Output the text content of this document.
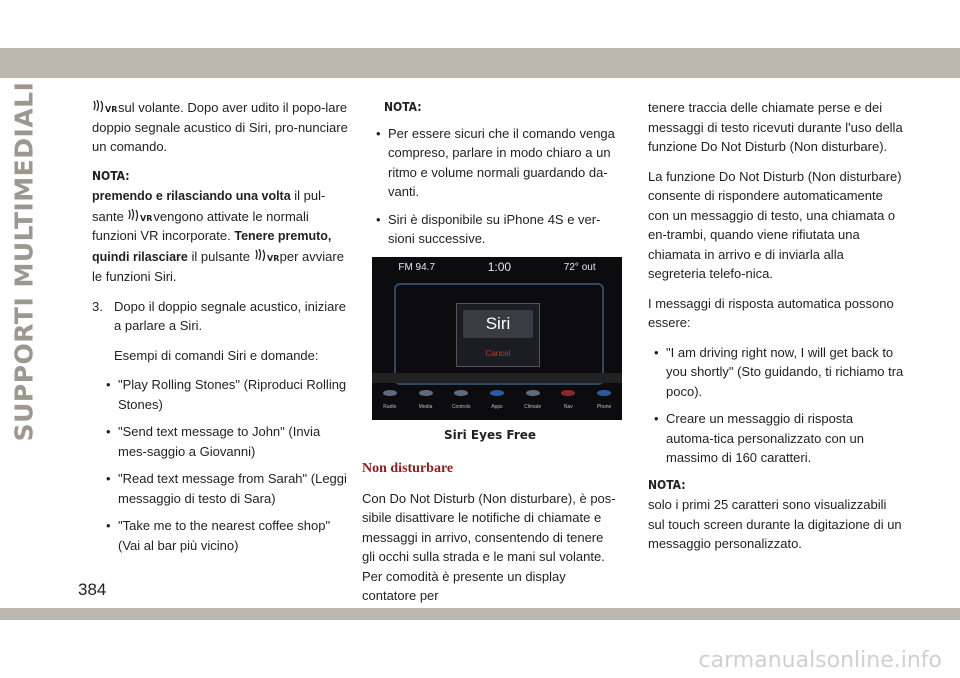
SUPPORTI MULTIMEDIALI	VR sul volante. Dopo aver udito il popo-lare doppio segnale acustico di Siri, pro-nunciare un comando.

NOTA:

premendo e rilasciando una volta il pul-sante VR vengono attivate le normali funzioni VR incorporate. Tenere premuto, quindi rilasciare il pulsante VR per avviare le funzioni Siri.

3. Dopo il doppio segnale acustico, iniziare a parlare a Siri.

Esempi di comandi Siri e domande:

• "Play Rolling Stones" (Riproduci Rolling Stones)
• "Send text message to John" (Invia mes-saggio a Giovanni)
• "Read text message from Sarah" (Leggi messaggio di testo di Sara)
• "Take me to the nearest coffee shop" (Vai al bar più vicino)
NOTA:
• Per essere sicuri che il comando venga compreso, parlare in modo chiaro a un ritmo e volume normali guardando da-vanti.
• Siri è disponibile su iPhone 4S e ver-sioni successive.
FM 94.7	1:00	72° out
Siri
Cancel
Radio	Media	Controls	Apps	Climate	Nav	Phone
Siri Eyes Free
Non disturbare

Con Do Not Disturb (Non disturbare), è pos-sibile disattivare le notifiche di chiamate e messaggi in arrivo, consentendo di tenere gli occhi sulla strada e le mani sul volante. Per comodità è presente un display contatore per

tenere traccia delle chiamate perse e dei messaggi di testo ricevuti durante l'uso della funzione Do Not Disturb (Non disturbare).

La funzione Do Not Disturb (Non disturbare) consente di rispondere automaticamente con un messaggio di testo, una chiamata o en-trambi, quando viene rifiutata una chiamata in arrivo e di inviarla alla segreteria telefo-nica.

I messaggi di risposta automatica possono essere:

• "I am driving right now, I will get back to you shortly" (Sto guidando, ti richiamo tra poco).
• Creare un messaggio di risposta automa-tica personalizzato con un massimo di 160 caratteri.
NOTA:

solo i primi 25 caratteri sono visualizzabili sul touch screen durante la digitazione di un messaggio personalizzato.

384
carmanualsonline.info
